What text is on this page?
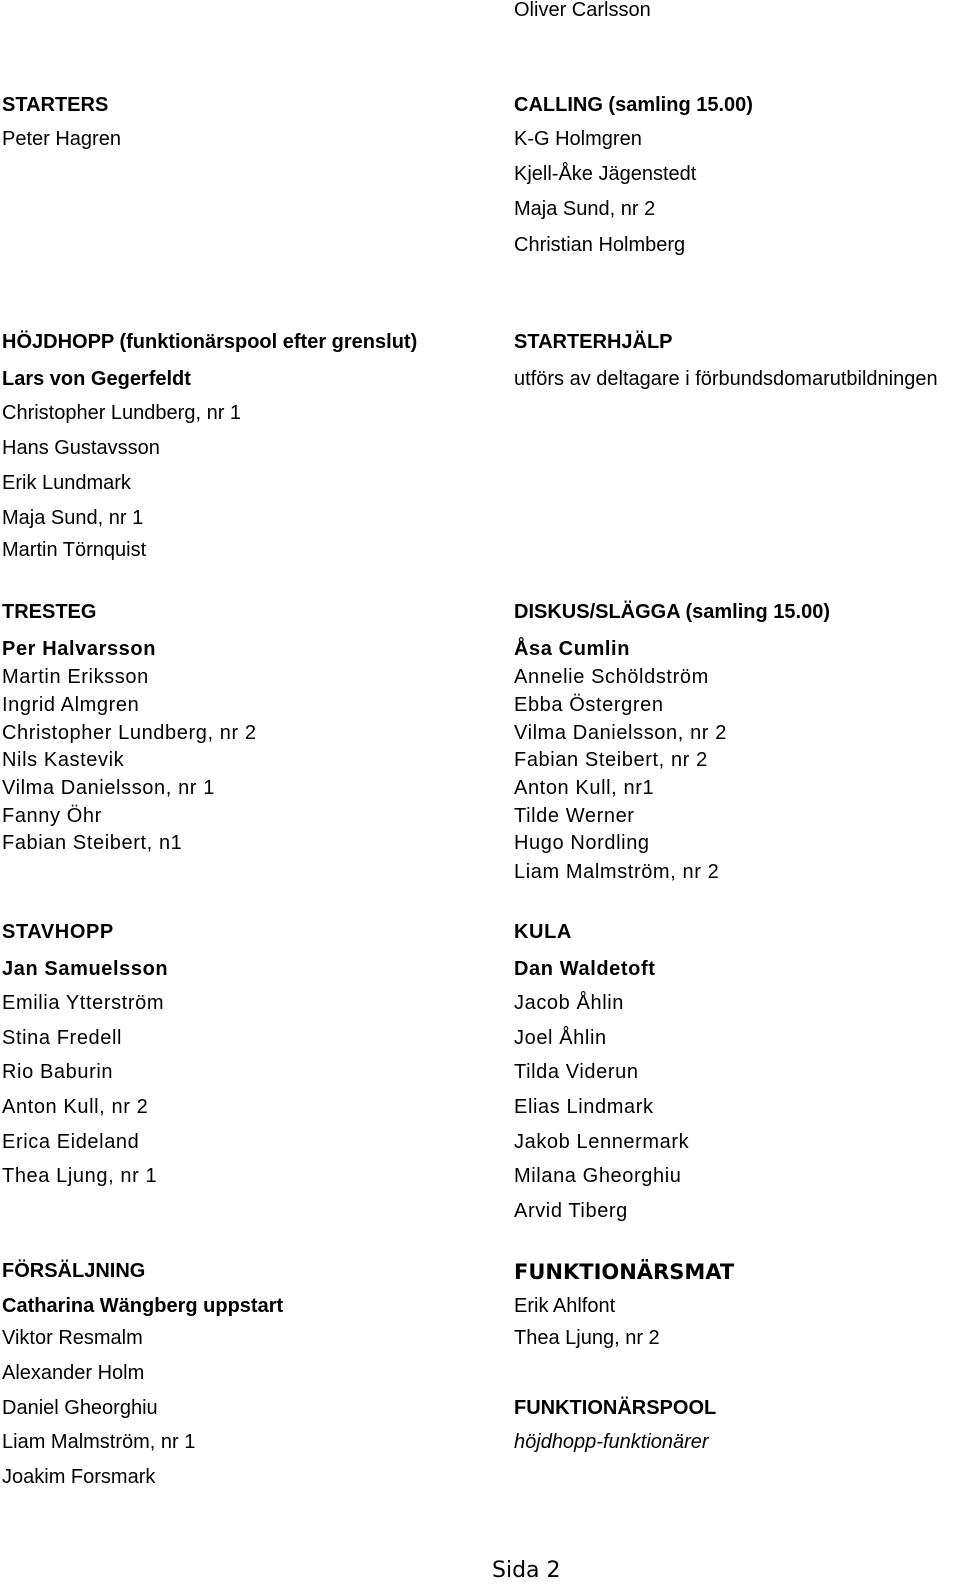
Oliver Carlsson
STARTERS
Peter Hagren
CALLING (samling 15.00)
K-G Holmgren
Kjell-Åke Jägenstedt
Maja Sund, nr 2
Christian Holmberg
HÖJDHOPP (funktionärspool efter grenslut)
Lars von Gegerfeldt
Christopher Lundberg, nr 1
Hans Gustavsson
Erik Lundmark
Maja Sund, nr 1
Martin Törnquist
STARTERHJÄLP
utförs av deltagare i förbundsdomarutbildningen
TRESTEG
Per Halvarsson
Martin Eriksson
Ingrid Almgren
Christopher Lundberg, nr 2
Nils Kastevik
Vilma Danielsson, nr 1
Fanny Öhr
Fabian Steibert, n1
DISKUS/SLÄGGA (samling 15.00)
Åsa Cumlin
Annelie Schöldström
Ebba Östergren
Vilma Danielsson, nr 2
Fabian Steibert, nr 2
Anton Kull, nr1
Tilde Werner
Hugo Nordling
Liam Malmström, nr 2
STAVHOPP
Jan Samuelsson
Emilia Ytterström
Stina Fredell
Rio Baburin
Anton Kull, nr 2
Erica Eideland
Thea Ljung, nr 1
KULA
Dan Waldetoft
Jacob Åhlin
Joel Åhlin
Tilda Viderun
Elias Lindmark
Jakob Lennermark
Milana Gheorghiu
Arvid Tiberg
FÖRSÄLJNING
Catharina Wängberg uppstart
Viktor Resmalm
Alexander Holm
Daniel Gheorghiu
Liam Malmström, nr 1
Joakim Forsmark
FUNKTIONÄRSMAT
Erik Ahlfont
Thea Ljung, nr 2
FUNKTIONÄRSPOOL
höjdhopp-funktionärer
Sida 2
